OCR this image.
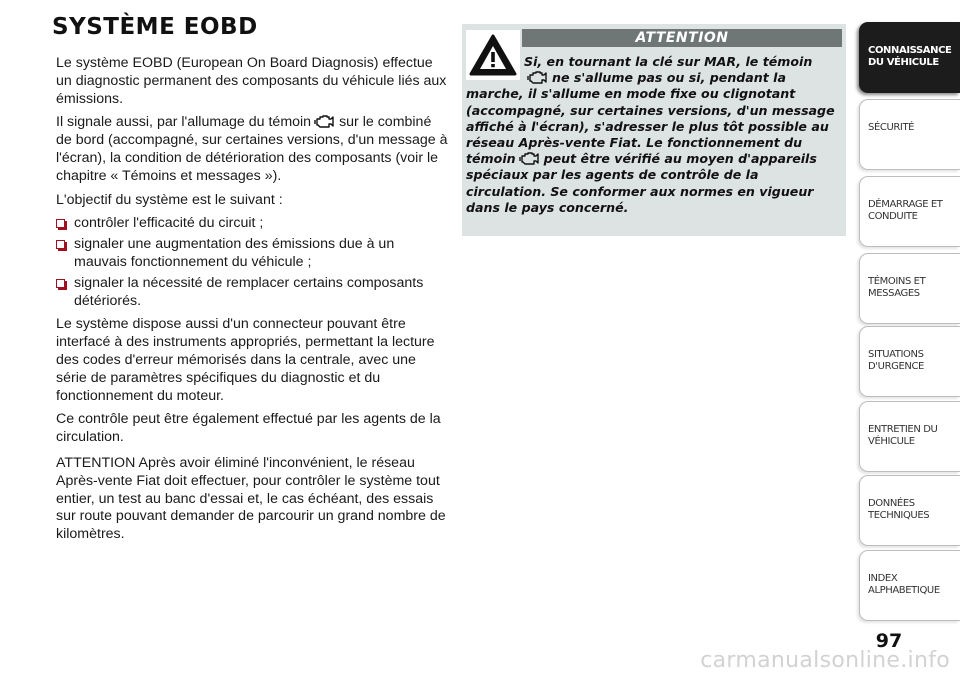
SYSTÈME EOBD

Le système EOBD (European On Board Diagnosis) effectue un diagnostic permanent des composants du véhicule liés aux émissions.

Il signale aussi, par l'allumage du témoin sur le combiné de bord (accompagné, sur certaines versions, d'un message à l'écran), la condition de détérioration des composants (voir le chapitre « Témoins et messages »).

L'objectif du système est le suivant :

contrôler l'efficacité du circuit ;
signaler une augmentation des émissions due à un mauvais fonctionnement du véhicule ;
signaler la nécessité de remplacer certains composants détériorés.

Le système dispose aussi d'un connecteur pouvant être interfacé à des instruments appropriés, permettant la lecture des codes d'erreur mémorisés dans la centrale, avec une série de paramètres spécifiques du diagnostic et du fonctionnement du moteur.

Ce contrôle peut être également effectué par les agents de la circulation.

ATTENTION Après avoir éliminé l'inconvénient, le réseau Après-vente Fiat doit effectuer, pour contrôler le système tout entier, un test au banc d'essai et, le cas échéant, des essais sur route pouvant demander de parcourir un grand nombre de kilomètres.

ATTENTION

Si, en tournant la clé sur MAR, le témoin
ne s'allume pas ou si, pendant la marche, il s'allume en mode fixe ou clignotant (accompagné, sur certaines versions, d'un message affiché à l'écran), s'adresser le plus tôt possible au réseau Après-vente Fiat. Le fonctionnement du témoin peut être vérifié au moyen d'appareils spéciaux par les agents de contrôle de la circulation. Se conformer aux normes en vigueur dans le pays concerné.

CONNAISSANCE
DU VÉHICULE
SÉCURITÉ

DÉMARRAGE ET
CONDUITE
TÉMOINS ET
MESSAGES
SITUATIONS
D'URGENCE
ENTRETIEN DU
VÉHICULE
DONNÉES
TECHNIQUES
INDEX
ALPHABETIQUE
97
carmanualsonline.info
